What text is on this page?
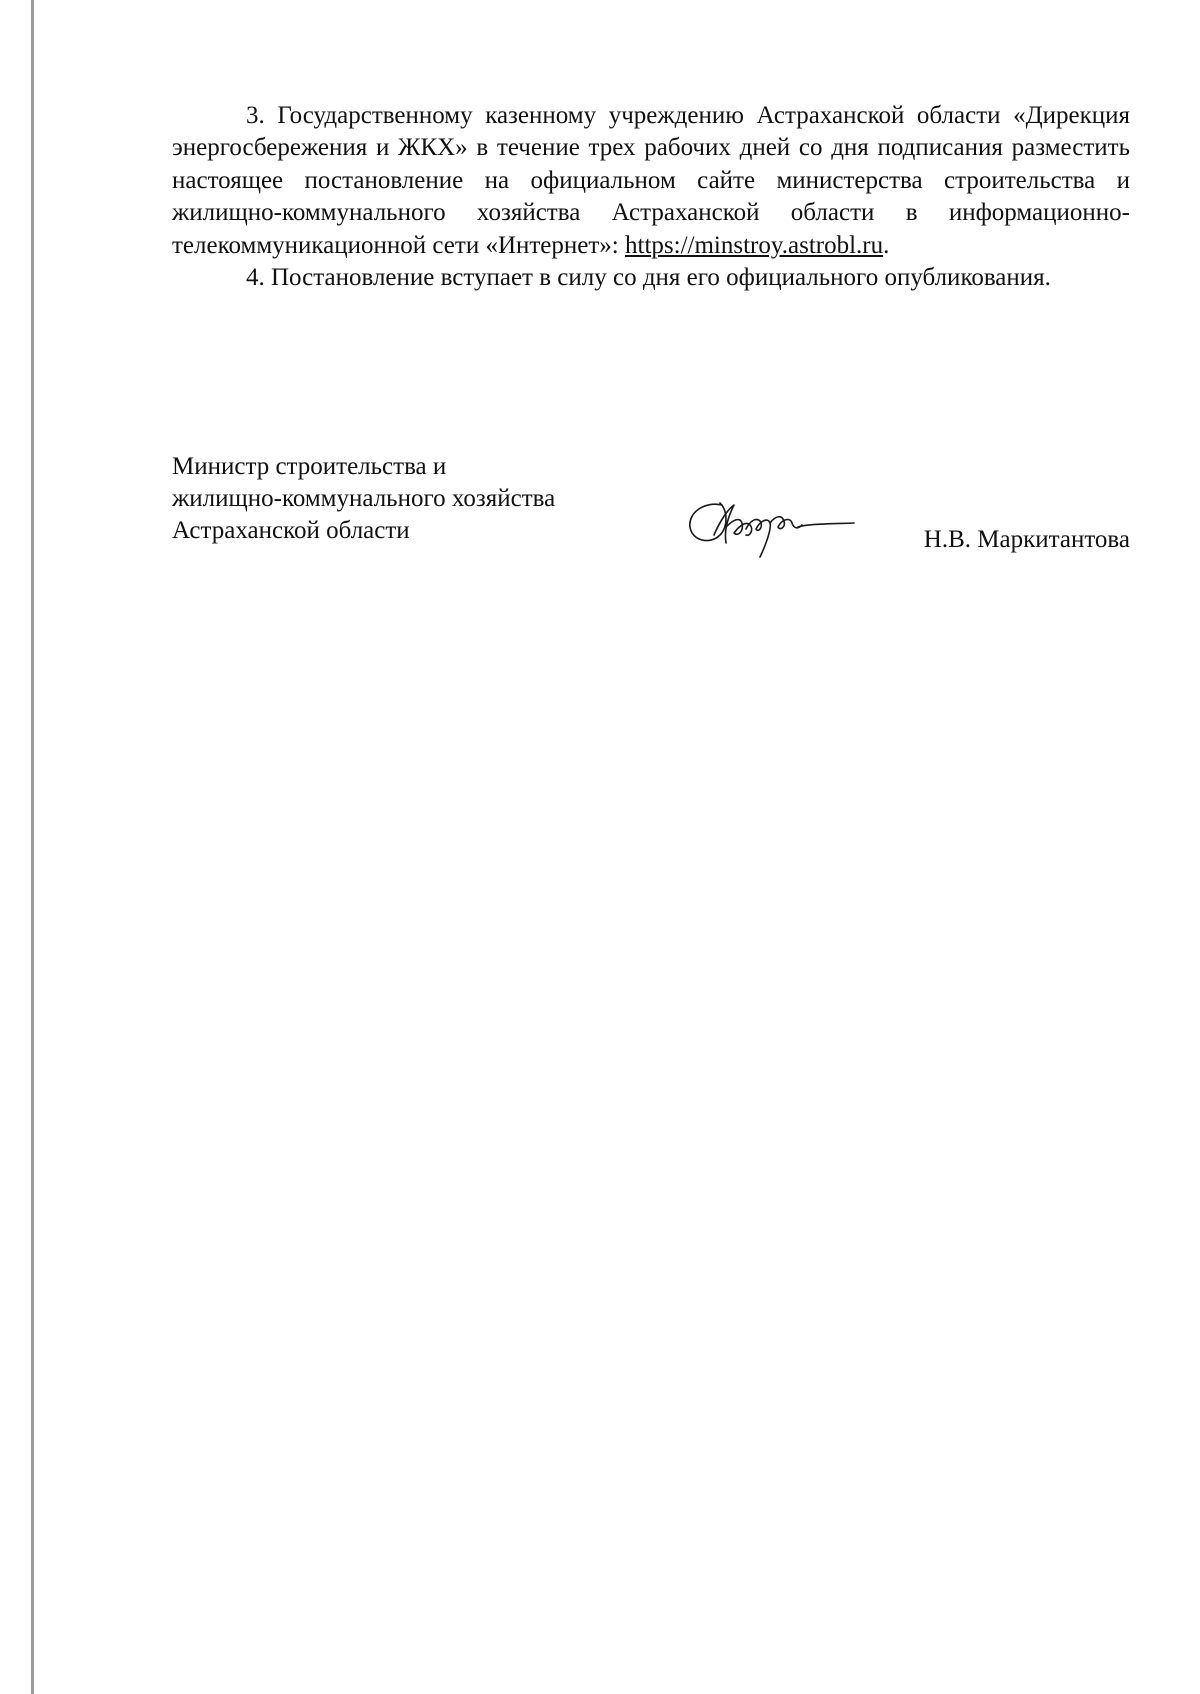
3. Государственному казенному учреждению Астраханской области «Дирекция энергосбережения и ЖКХ» в течение трех рабочих дней со дня подписания разместить настоящее постановление на официальном сайте министерства строительства и жилищно-коммунального хозяйства Астраханской области в информационно-телекоммуникационной сети «Интернет»: https://minstroy.astrobl.ru.

4. Постановление вступает в силу со дня его официального опубликования.

Министр строительства и
жилищно-коммунального хозяйства
Астраханской области	Н.В. Маркитантова
